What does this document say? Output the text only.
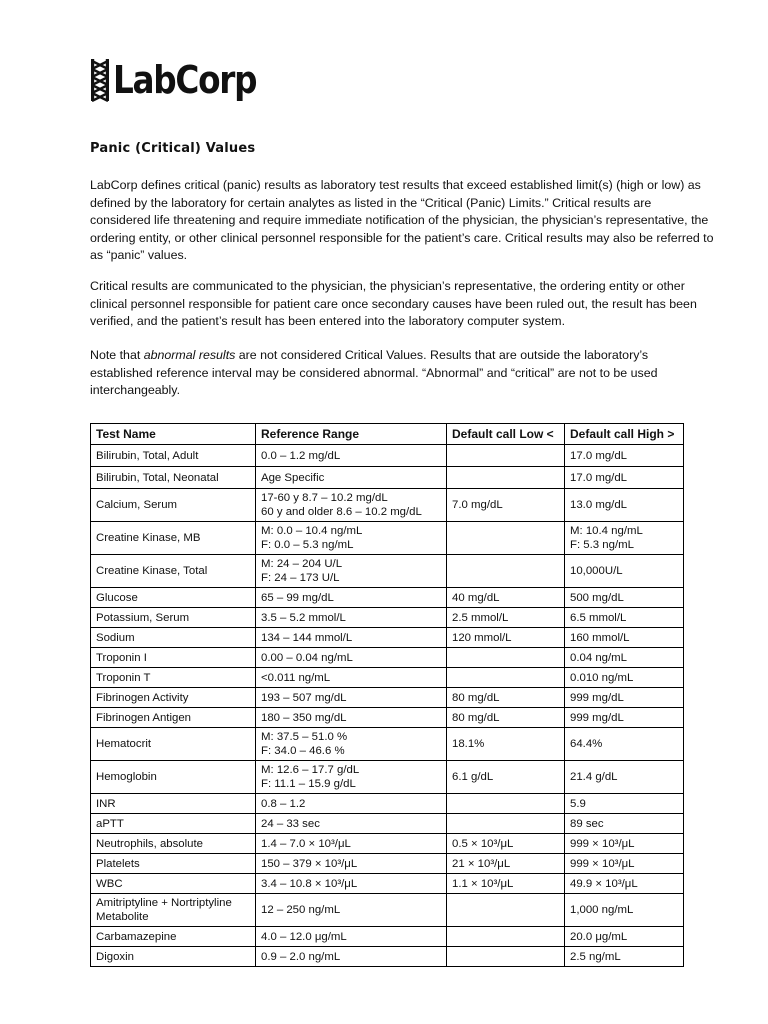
LabCorp
Panic (Critical) Values

LabCorp defines critical (panic) results as laboratory test results that exceed established limit(s) (high or low) as defined by the laboratory for certain analytes as listed in the “Critical (Panic) Limits.” Critical results are considered life threatening and require immediate notification of the physician, the physician’s representative, the ordering entity, or other clinical personnel responsible for the patient’s care. Critical results may also be referred to as “panic” values.

Critical results are communicated to the physician, the physician’s representative, the ordering entity or other clinical personnel responsible for patient care once secondary causes have been ruled out, the result has been verified, and the patient’s result has been entered into the laboratory computer system.

Note that abnormal results are not considered Critical Values. Results that are outside the laboratory’s established reference interval may be considered abnormal. “Abnormal” and “critical” are not to be used interchangeably.

Test Name	Reference Range	Default call Low <	Default call High >

Bilirubin, Total, Adult	0.0 – 1.2 mg/dL		17.0 mg/dL

Bilirubin, Total, Neonatal	Age Specific		17.0 mg/dL

Calcium, Serum	17-60 y 8.7 – 10.2 mg/dL
60 y and older 8.6 – 10.2 mg/dL	7.0 mg/dL	13.0 mg/dL

Creatine Kinase, MB	M: 0.0 – 10.4 ng/mL
F: 0.0 – 5.3 ng/mL		M: 10.4 ng/mL
F: 5.3 ng/mL

Creatine Kinase, Total	M: 24 – 204 U/L
F: 24 – 173 U/L		10,000U/L

Glucose	65 – 99 mg/dL	40 mg/dL	500 mg/dL

Potassium, Serum	3.5 – 5.2 mmol/L	2.5 mmol/L	6.5 mmol/L

Sodium	134 – 144 mmol/L	120 mmol/L	160 mmol/L

Troponin I	0.00 – 0.04 ng/mL		0.04 ng/mL

Troponin T	<0.011 ng/mL		0.010 ng/mL

Fibrinogen Activity	193 – 507 mg/dL	80 mg/dL	999 mg/dL

Fibrinogen Antigen	180 – 350 mg/dL	80 mg/dL	999 mg/dL

Hematocrit	M: 37.5 – 51.0 %
F: 34.0 – 46.6 %	18.1%	64.4%

Hemoglobin	M: 12.6 – 17.7 g/dL
F: 11.1 – 15.9 g/dL	6.1 g/dL	21.4 g/dL

INR	0.8 – 1.2		5.9

aPTT	24 – 33 sec		89 sec

Neutrophils, absolute	1.4 – 7.0 × 10³/μL	0.5 × 10³/μL	999 × 10³/μL

Platelets	150 – 379 × 10³/μL	21 × 10³/μL	999 × 10³/μL

WBC	3.4 – 10.8 × 10³/μL	1.1 × 10³/μL	49.9 × 10³/μL

Amitriptyline + Nortriptyline
Metabolite	12 – 250 ng/mL		1,000 ng/mL

Carbamazepine	4.0 – 12.0 μg/mL		20.0 μg/mL

Digoxin	0.9 – 2.0 ng/mL		2.5 ng/mL
